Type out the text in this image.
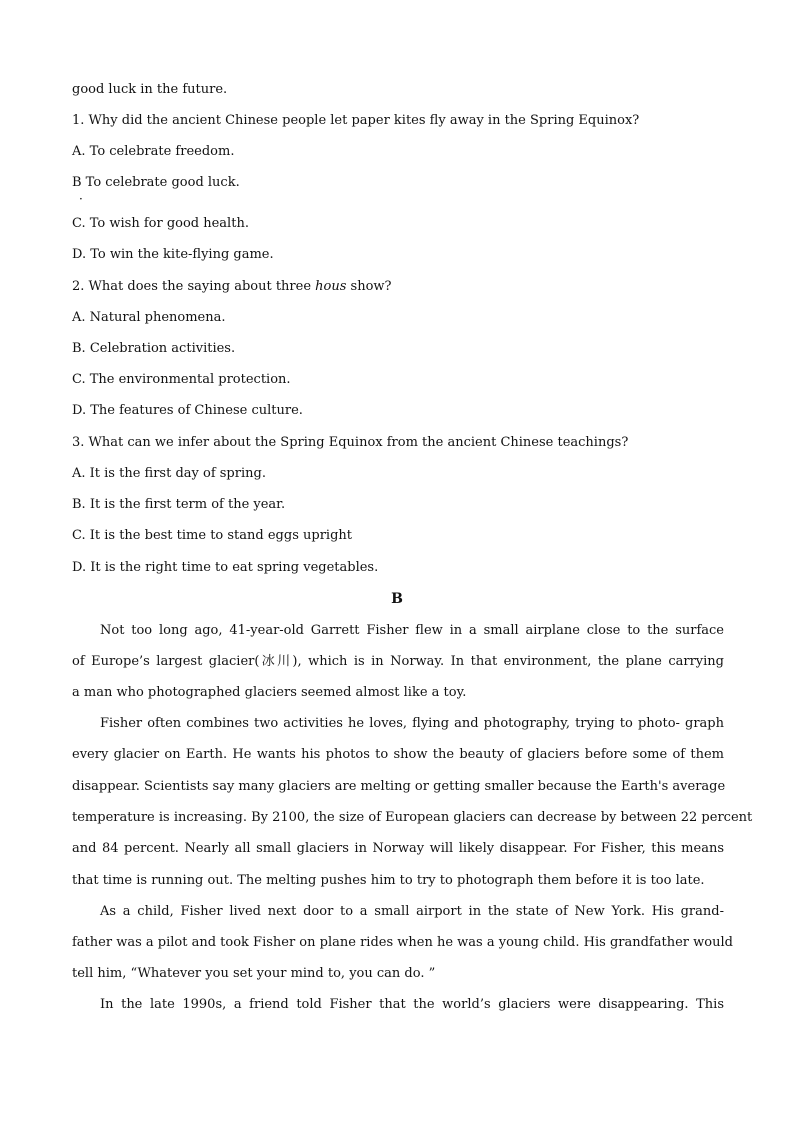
good luck in the future.
1. Why did the ancient Chinese people let paper kites fly away in the Spring Equinox?
A. To celebrate freedom.
B To celebrate good luck.
·
C. To wish for good health.
D. To win the kite-flying game.
2. What does the saying about three hous show?
A. Natural phenomena.
B. Celebration activities.
C. The environmental protection.
D. The features of Chinese culture.
3. What can we infer about the Spring Equinox from the ancient Chinese teachings?
A. It is the first day of spring.
B. It is the first term of the year.
C. It is the best time to stand eggs upright
D. It is the right time to eat spring vegetables.
B
Not too long ago, 41-year-old Garrett Fisher flew in a small airplane close to the surface
of Europe’s largest glacier(冰川), which is in Norway. In that environment, the plane carrying
a man who photographed glaciers seemed almost like a toy.
Fisher often combines two activities he loves, flying and photography, trying to photo- graph
every glacier on Earth. He wants his photos to show the beauty of glaciers before some of them
disappear. Scientists say many glaciers are melting or getting smaller because the Earth's average
temperature is increasing. By 2100, the size of European glaciers can decrease by between 22 percent
and 84 percent. Nearly all small glaciers in Norway will likely disappear. For Fisher, this means
that time is running out. The melting pushes him to try to photograph them before it is too late.
As a child, Fisher lived next door to a small airport in the state of New York. His grand-
father was a pilot and took Fisher on plane rides when he was a young child. His grandfather would
tell him, “Whatever you set your mind to, you can do. ”
In the late 1990s, a friend told Fisher that the world’s glaciers were disappearing. This
